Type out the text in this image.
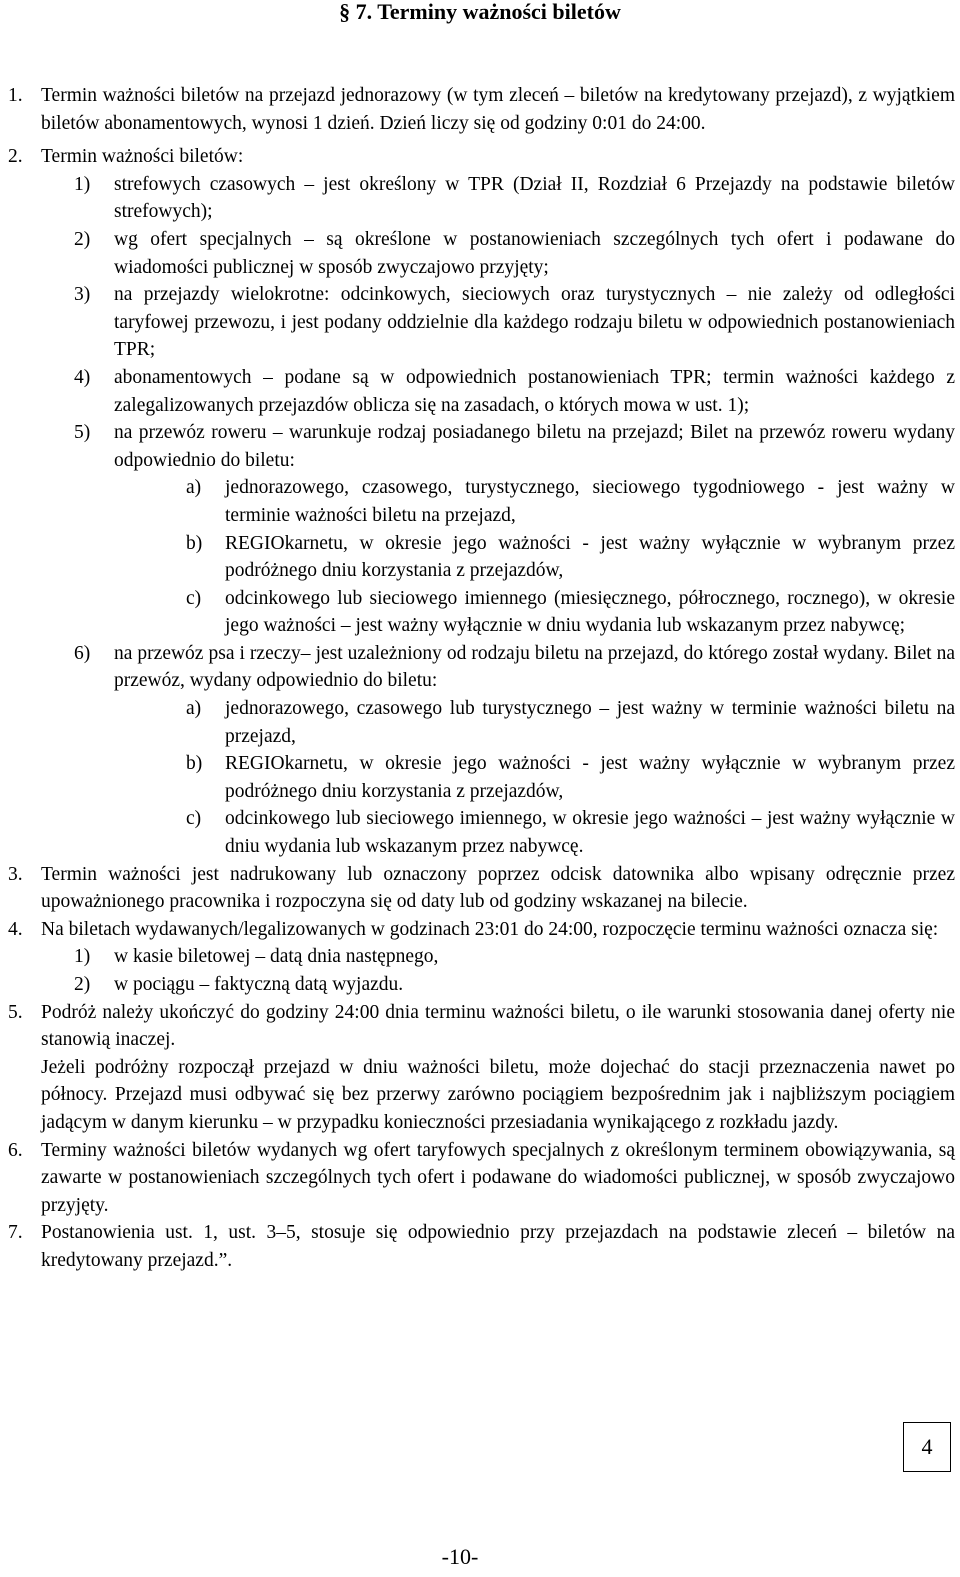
§ 7. Terminy ważności biletów
1. Termin ważności biletów na przejazd jednorazowy (w tym zleceń – biletów na kredytowany przejazd), z wyjątkiem biletów abonamentowych, wynosi 1 dzień. Dzień liczy się od godziny 0:01 do 24:00.
2. Termin ważności biletów:
1) strefowych czasowych – jest określony w TPR (Dział II, Rozdział 6 Przejazdy na podstawie biletów strefowych);
2) wg ofert specjalnych – są określone w postanowieniach szczególnych tych ofert i podawane do wiadomości publicznej w sposób zwyczajowo przyjęty;
3) na przejazdy wielokrotne: odcinkowych, sieciowych oraz turystycznych – nie zależy od odległości taryfowej przewozu, i jest podany oddzielnie dla każdego rodzaju biletu w odpowiednich postanowieniach TPR;
4) abonamentowych – podane są w odpowiednich postanowieniach TPR; termin ważności każdego z zalegalizowanych przejazdów oblicza się na zasadach, o których mowa w ust. 1);
5) na przewóz roweru – warunkuje rodzaj posiadanego biletu na przejazd; Bilet na przewóz roweru wydany odpowiednio do biletu:
a) jednorazowego, czasowego, turystycznego, sieciowego tygodniowego - jest ważny w terminie ważności biletu na przejazd,
b) REGIOkarnetu, w okresie jego ważności - jest ważny wyłącznie w wybranym przez podróżnego dniu korzystania z przejazdów,
c) odcinkowego lub sieciowego imiennego (miesięcznego, półrocznego, rocznego), w okresie jego ważności – jest ważny wyłącznie w dniu wydania lub wskazanym przez nabywcę;
6) na przewóz psa i rzeczy– jest uzależniony od rodzaju biletu na przejazd, do którego został wydany. Bilet na przewóz, wydany odpowiednio do biletu:
a) jednorazowego, czasowego lub turystycznego – jest ważny w terminie ważności biletu na przejazd,
b) REGIOkarnetu, w okresie jego ważności - jest ważny wyłącznie w wybranym przez podróżnego dniu korzystania z przejazdów,
c) odcinkowego lub sieciowego imiennego, w okresie jego ważności – jest ważny wyłącznie w dniu wydania lub wskazanym przez nabywcę.
3. Termin ważności jest nadrukowany lub oznaczony poprzez odcisk datownika albo wpisany odręcznie przez upoważnionego pracownika i rozpoczyna się od daty lub od godziny wskazanej na bilecie.
4. Na biletach wydawanych/legalizowanych w godzinach 23:01 do 24:00, rozpoczęcie terminu ważności oznacza się:
1) w kasie biletowej – datą dnia następnego,
2) w pociągu – faktyczną datą wyjazdu.
5. Podróż należy ukończyć do godziny 24:00 dnia terminu ważności biletu, o ile warunki stosowania danej oferty nie stanowią inaczej.
Jeżeli podróżny rozpoczął przejazd w dniu ważności biletu, może dojechać do stacji przeznaczenia nawet po północy. Przejazd musi odbywać się bez przerwy zarówno pociągiem bezpośrednim jak i najbliższym pociągiem jadącym w danym kierunku – w przypadku konieczności przesiadania wynikającego z rozkładu jazdy.
6. Terminy ważności biletów wydanych wg ofert taryfowych specjalnych z określonym terminem obowiązywania, są zawarte w postanowieniach szczególnych tych ofert i podawane do wiadomości publicznej, w sposób zwyczajowo przyjęty.
7. Postanowienia ust. 1, ust. 3–5, stosuje się odpowiednio przy przejazdach na podstawie zleceń – biletów na kredytowany przejazd.”.
4
-10-
